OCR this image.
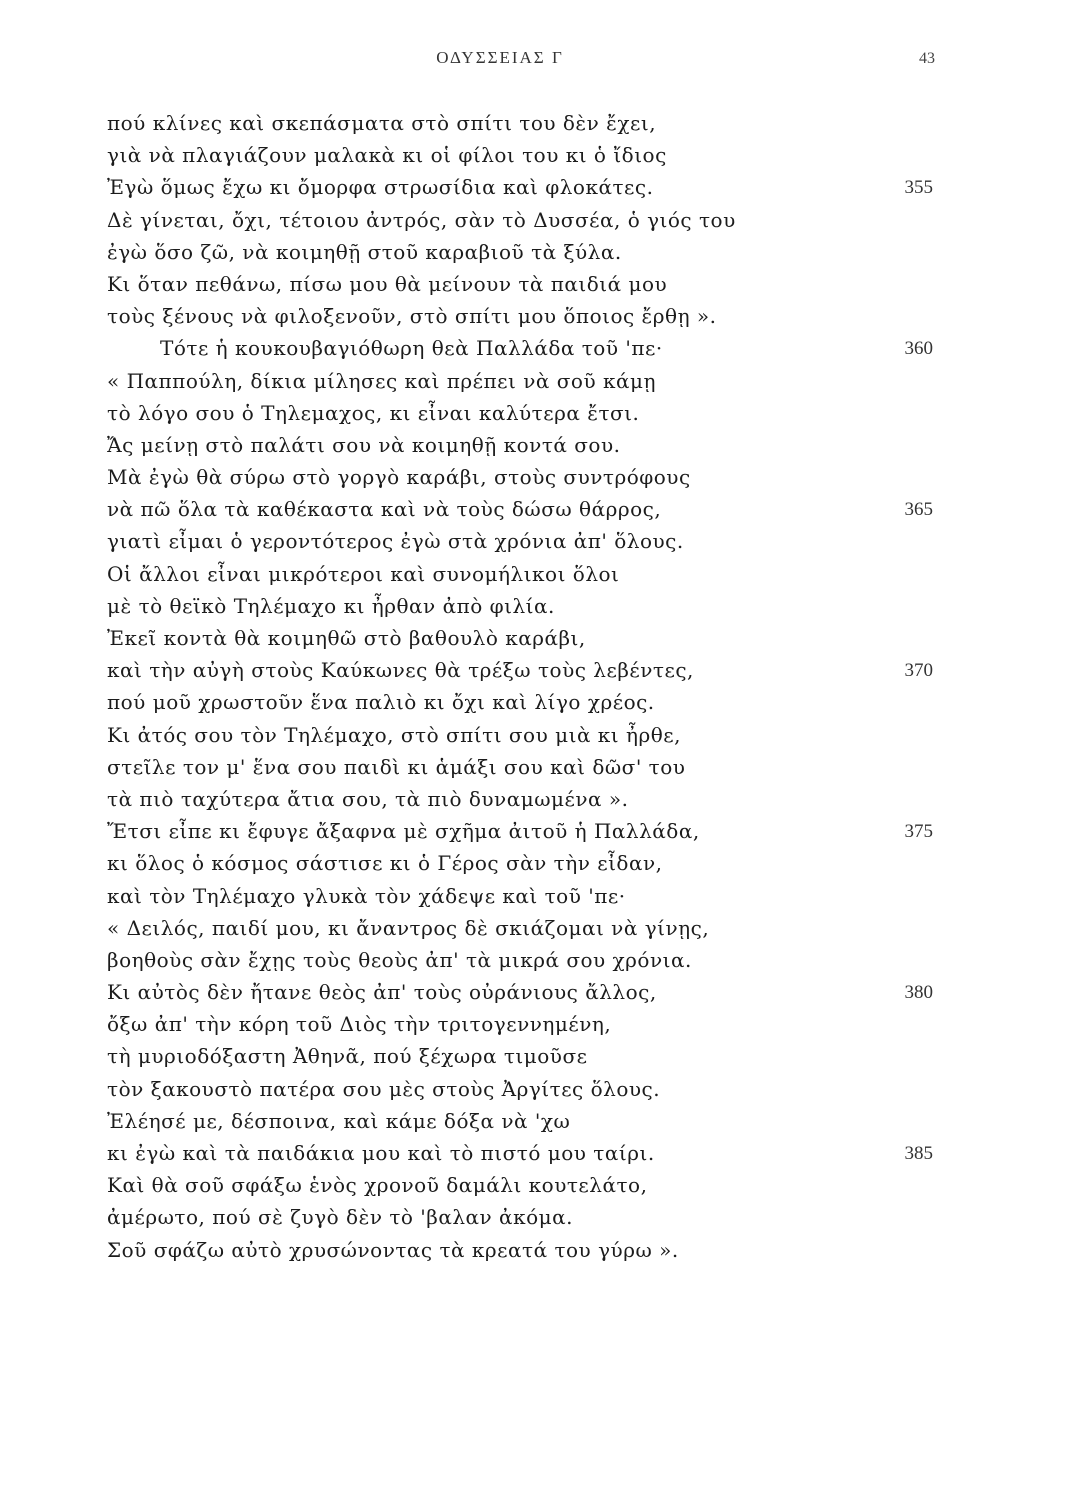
ΟΔΥΣΣΕΙΑΣ Γ	43
πού κλίνες καὶ σκεπάσματα στὸ σπίτι του δὲν ἔχει,
γιὰ νὰ πλαγιάζουν μαλακὰ κι οἱ φίλοι του κι ὁ ἴδιος
Ἐγὼ ὅμως ἔχω κι ὄμορφα στρωσίδια καὶ φλοκάτες.	355
Δὲ γίνεται, ὄχι, τέτοιου ἀντρός, σὰν τὸ Δυσσέα, ὁ γιός του
ἐγὼ ὅσο ζῶ, νὰ κοιμηθῇ στοῦ καραβιοῦ τὰ ξύλα.
Κι ὅταν πεθάνω, πίσω μου θὰ μείνουν τὰ παιδιά μου
τοὺς ξένους νὰ φιλοξενοῦν, στὸ σπίτι μου ὅποιος ἔρθῃ ».
Τότε ἡ κουκουβαγιόθωρη θεὰ Παλλάδα τοῦ 'πε·	360
« Παππούλη, δίκια μίλησες καὶ πρέπει νὰ σοῦ κάμῃ
τὸ λόγο σου ὁ Τηλεμαχος, κι εἶναι καλύτερα ἔτσι.
Ἄς μείνῃ στὸ παλάτι σου νὰ κοιμηθῇ κοντά σου.
Μὰ ἐγὼ θὰ σύρω στὸ γοργὸ καράβι, στοὺς συντρόφους
νὰ πῶ ὅλα τὰ καθέκαστα καὶ νὰ τοὺς δώσω θάρρος,	365
γιατὶ εἶμαι ὁ γεροντότερος ἐγὼ στὰ χρόνια ἀπ' ὅλους.
Οἱ ἄλλοι εἶναι μικρότεροι καὶ συνομήλικοι ὅλοι
μὲ τὸ θεϊκὸ Τηλέμαχο κι ἦρθαν ἀπὸ φιλία.
Ἐκεῖ κοντὰ θὰ κοιμηθῶ στὸ βαθουλὸ καράβι,
καὶ τὴν αὐγὴ στοὺς Καύκωνες θὰ τρέξω τοὺς λεβέντες,	370
πού μοῦ χρωστοῦν ἕνα παλιὸ κι ὄχι καὶ λίγο χρέος.
Κι ἀτός σου τὸν Τηλέμαχο, στὸ σπίτι σου μιὰ κι ἦρθε,
στεῖλε τον μ' ἕνα σου παιδὶ κι ἁμάξι σου καὶ δῶσ' του
τὰ πιὸ ταχύτερα ἄτια σου, τὰ πιὸ δυναμωμένα ».
Ἔτσι εἶπε κι ἔφυγε ἄξαφνα μὲ σχῆμα ἀιτοῦ ἡ Παλλάδα,	375
κι ὅλος ὁ κόσμος σάστισε κι ὁ Γέρος σὰν τὴν εἶδαν,
καὶ τὸν Τηλέμαχο γλυκὰ τὸν χάδεψε καὶ τοῦ 'πε·
« Δειλός, παιδί μου, κι ἄναντρος δὲ σκιάζομαι νὰ γίνῃς,
βοηθοὺς σὰν ἔχῃς τοὺς θεοὺς ἀπ' τὰ μικρά σου χρόνια.
Κι αὐτὸς δὲν ἤτανε θεὸς ἀπ' τοὺς οὐράνιους ἄλλος,	380
ὄξω ἀπ' τὴν κόρη τοῦ Διὸς τὴν τριτογεννημένη,
τὴ μυριοδόξαστη Ἀθηνᾶ, πού ξέχωρα τιμοῦσε
τὸν ξακουστὸ πατέρα σου μὲς στοὺς Ἀργίτες ὅλους.
Ἐλέησέ με, δέσποινα, καὶ κάμε δόξα νὰ 'χω
κι ἐγὼ καὶ τὰ παιδάκια μου καὶ τὸ πιστό μου ταίρι.	385
Καὶ θὰ σοῦ σφάξω ἑνὸς χρονοῦ δαμάλι κουτελάτο,
ἀμέρωτο, πού σὲ ζυγὸ δὲν τὸ 'βαλαν ἀκόμα.
Σοῦ σφάζω αὐτὸ χρυσώνοντας τὰ κρεατά του γύρω ».
